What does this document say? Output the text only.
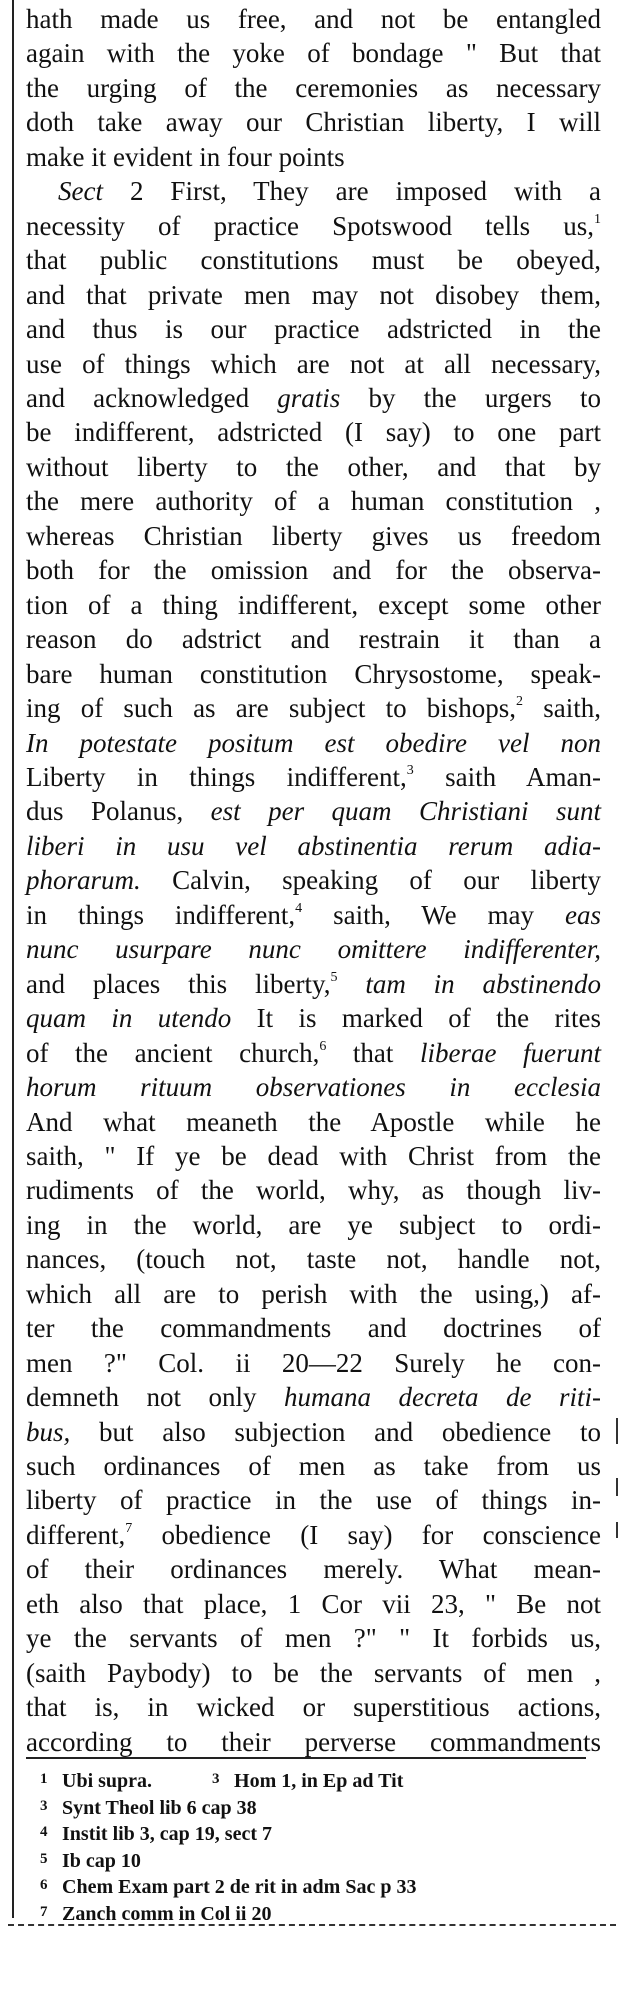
hath made us free, and not be entangled
again with the yoke of bondage " But that
the urging of the ceremonies as necessary
doth take away our Christian liberty, I will
make it evident in four points
Sect 2 First, They are imposed with a
necessity of practice Spotswood tells us,$^1$
that public constitutions must be obeyed,
and that private men may not disobey them,
and thus is our practice adstricted in the
use of things which are not at all necessary,
and acknowledged gratis by the urgers to
be indifferent, adstricted (I say) to one part
without liberty to the other, and that by
the mere authority of a human constitution ,
whereas Christian liberty gives us freedom
both for the omission and for the observa-
tion of a thing indifferent, except some other
reason do adstrict and restrain it than a
bare human constitution Chrysostome, speak-
ing of such as are subject to bishops,$^2$ saith,
In potestate positum est obedire vel non
Liberty in things indifferent,$^3$ saith Aman-
dus Polanus, est per quam Christiani sunt
liberi in usu vel abstinentia rerum adia-
phorarum. Calvin, speaking of our liberty
in things indifferent,$^4$ saith, We may eas
nunc usurpare nunc omittere indifferenter,
and places this liberty,$^5$ tam in abstinendo
quam in utendo It is marked of the rites
of the ancient church,$^6$ that liberae fuerunt
horum rituum observationes in ecclesia
And what meaneth the Apostle while he
saith, " If ye be dead with Christ from the
rudiments of the world, why, as though liv-
ing in the world, are ye subject to ordi-
nances, (touch not, taste not, handle not,
which all are to perish with the using,) af-
ter the commandments and doctrines of
men ?" Col. ii 20—22 Surely he con-
demneth not only humana decreta de riti-
bus, but also subjection and obedience to
such ordinances of men as take from us
liberty of practice in the use of things in-
different,$^7$ obedience (I say) for conscience
of their ordinances merely. What mean-
eth also that place, 1 Cor vii 23, " Be not
ye the servants of men ?" " It forbids us,
(saith Paybody) to be the servants of men ,
that is, in wicked or superstitious actions,
according to their perverse commandments
1 Ubi supra.	3 Hom 1, in Ep ad Tit
3 Synt Theol lib 6 cap 38
4 Instit lib 3, cap 19, sect 7
5 Ib cap 10
6 Chem Exam part 2 de rit in adm Sac p 33
7 Zanch comm in Col ii 20
